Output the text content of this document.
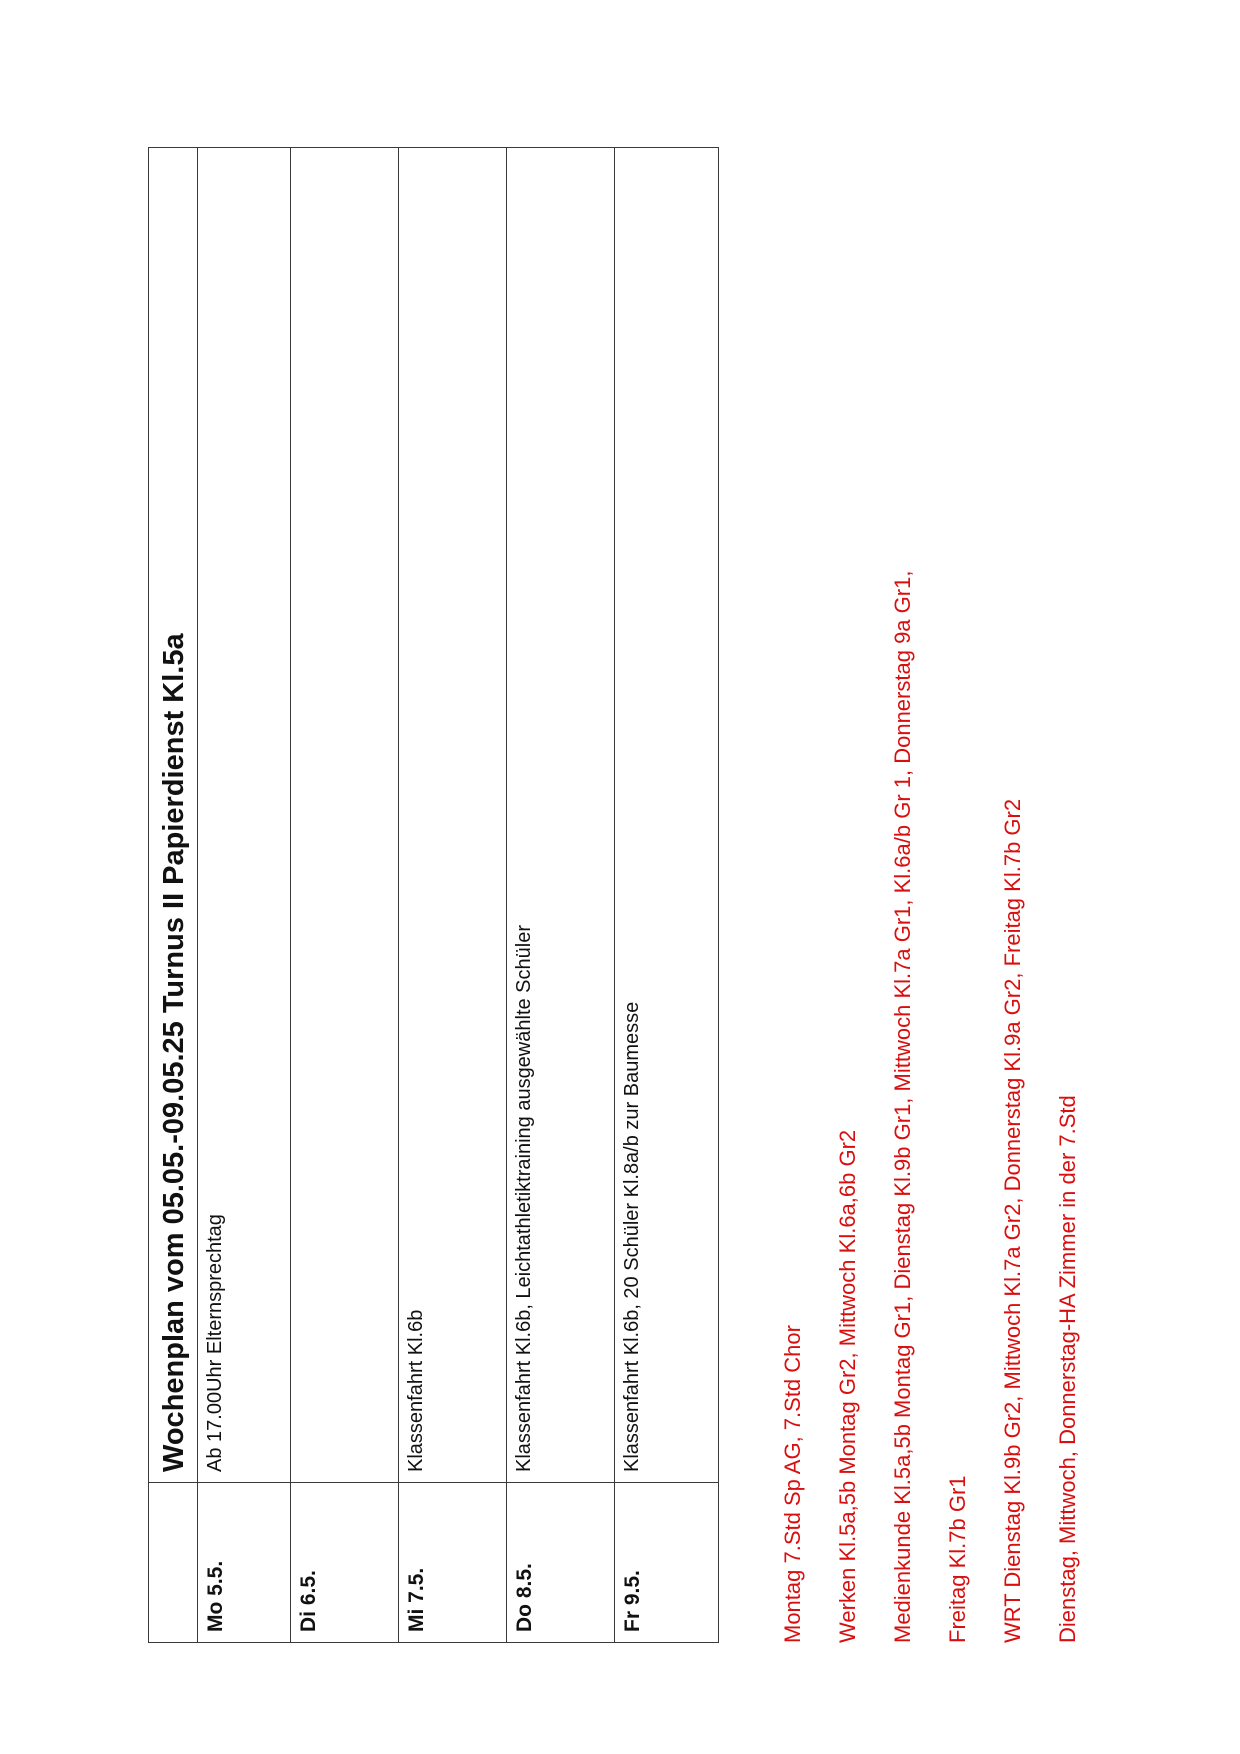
	Wochenplan vom 05.05.-09.05.25 Turnus II Papierdienst Kl.5a
Mo 5.5.	Ab 17.00Uhr Elternsprechtag
Di 6.5.	
Mi 7.5.	Klassenfahrt Kl.6b
Do 8.5.	Klassenfahrt Kl.6b, Leichtathletiktraining ausgewählte Schüler
Fr 9.5.	Klassenfahrt Kl.6b, 20 Schüler Kl.8a/b zur Baumesse
Montag 7.Std Sp AG, 7.Std Chor	Werken Kl.5a,5b Montag Gr2, Mittwoch Kl.6a,6b Gr2	Medienkunde Kl.5a,5b Montag Gr1, Dienstag Kl.9b Gr1, Mittwoch Kl.7a Gr1, Kl.6a/b Gr 1, Donnerstag 9a Gr1,	Freitag Kl.7b Gr1	WRT Dienstag Kl.9b Gr2, Mittwoch Kl.7a Gr2, Donnerstag Kl.9a Gr2, Freitag Kl.7b Gr2	Dienstag, Mittwoch, Donnerstag-HA Zimmer in der 7.Std
